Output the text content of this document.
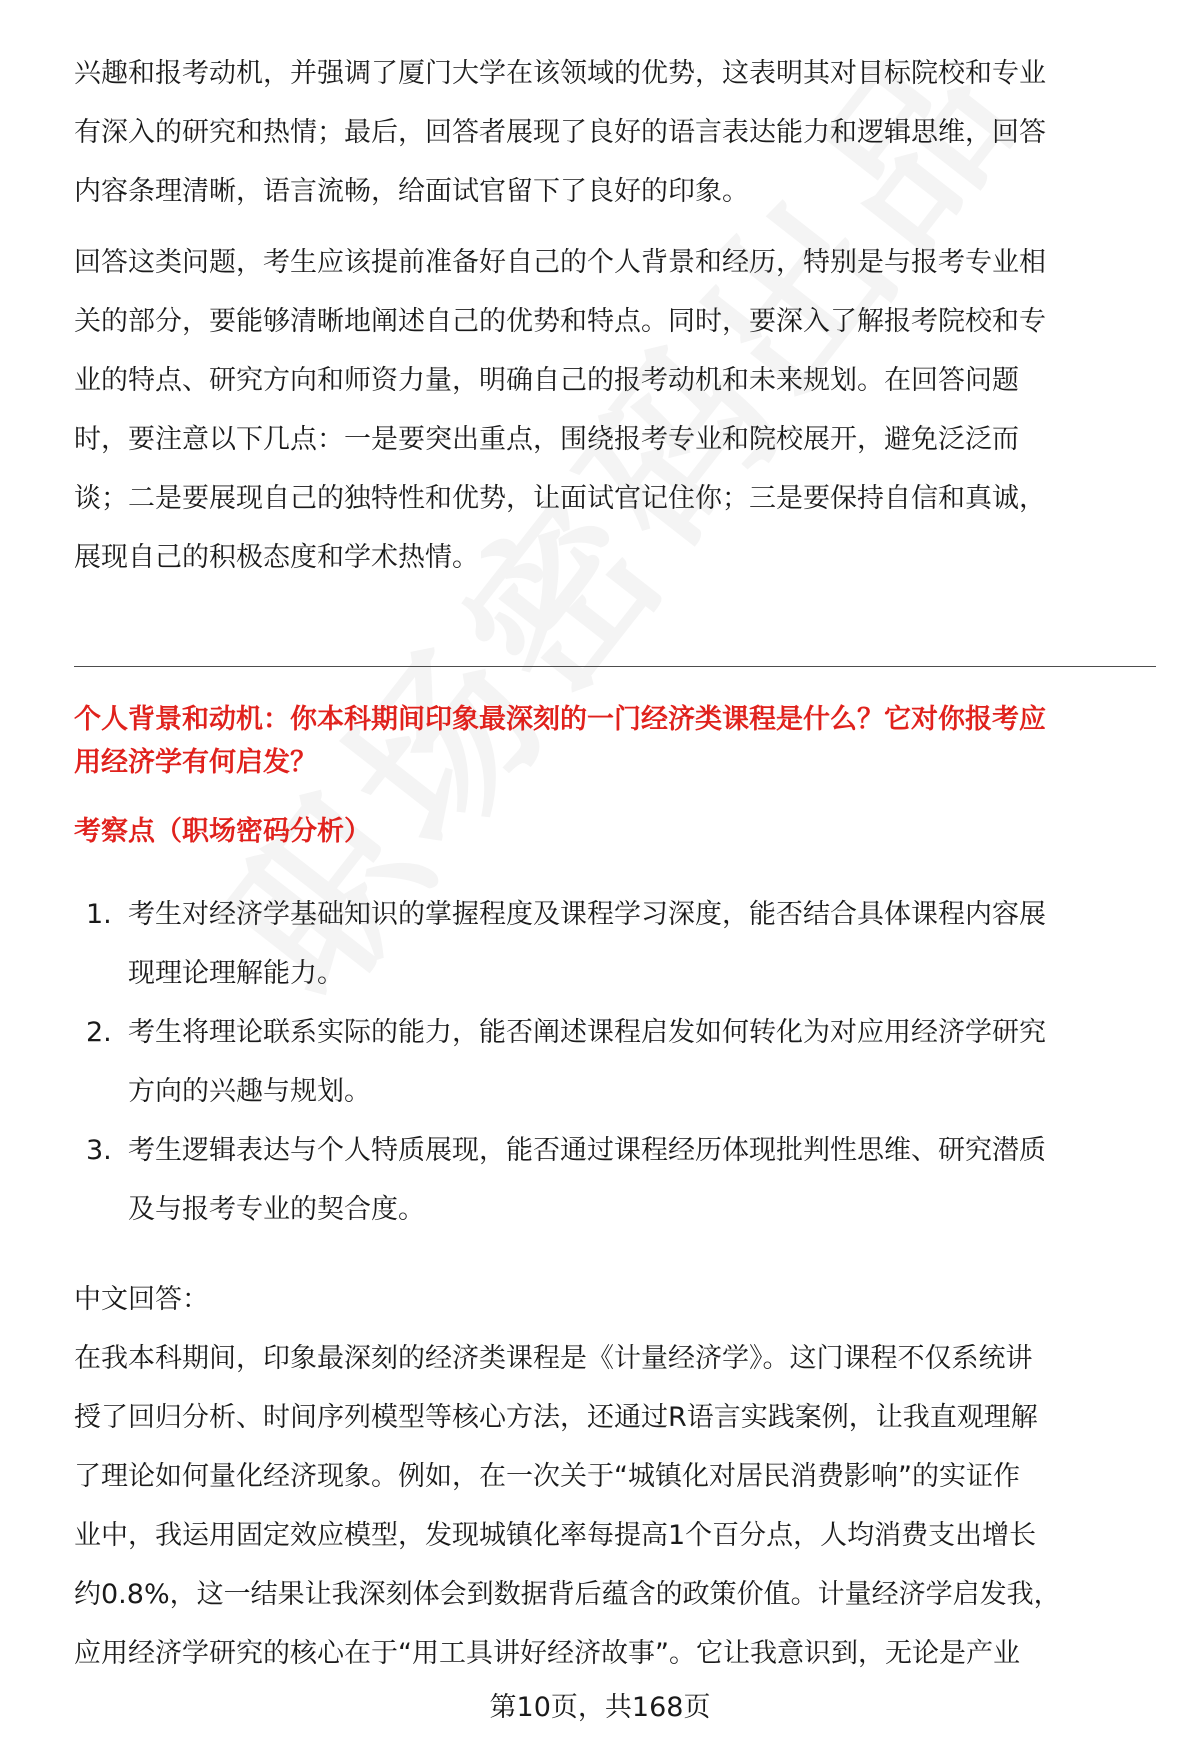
兴趣和报考动机，并强调了厦门大学在该领域的优势，这表明其对目标院校和专业
有深入的研究和热情；最后，回答者展现了良好的语言表达能力和逻辑思维，回答
内容条理清晰，语言流畅，给面试官留下了良好的印象。
回答这类问题，考生应该提前准备好自己的个人背景和经历，特别是与报考专业相
关的部分，要能够清晰地阐述自己的优势和特点。同时，要深入了解报考院校和专
业的特点、研究方向和师资力量，明确自己的报考动机和未来规划。在回答问题
时，要注意以下几点：一是要突出重点，围绕报考专业和院校展开，避免泛泛而
谈；二是要展现自己的独特性和优势，让面试官记住你；三是要保持自信和真诚，
展现自己的积极态度和学术热情。
个人背景和动机：你本科期间印象最深刻的一门经济类课程是什么？它对你报考应
用经济学有何启发？
考察点（职场密码分析）
1. 考生对经济学基础知识的掌握程度及课程学习深度，能否结合具体课程内容展
现理论理解能力。
2. 考生将理论联系实际的能力，能否阐述课程启发如何转化为对应用经济学研究
方向的兴趣与规划。
3. 考生逻辑表达与个人特质展现，能否通过课程经历体现批判性思维、研究潜质
及与报考专业的契合度。
中文回答：
在我本科期间，印象最深刻的经济类课程是《计量经济学》。这门课程不仅系统讲
授了回归分析、时间序列模型等核心方法，还通过R语言实践案例，让我直观理解
了理论如何量化经济现象。例如，在一次关于“城镇化对居民消费影响”的实证作
业中，我运用固定效应模型，发现城镇化率每提高1个百分点，人均消费支出增长
约0.8%，这一结果让我深刻体会到数据背后蕴含的政策价值。计量经济学启发我，
应用经济学研究的核心在于“用工具讲好经济故事”。它让我意识到，无论是产业
第10页，共168页
